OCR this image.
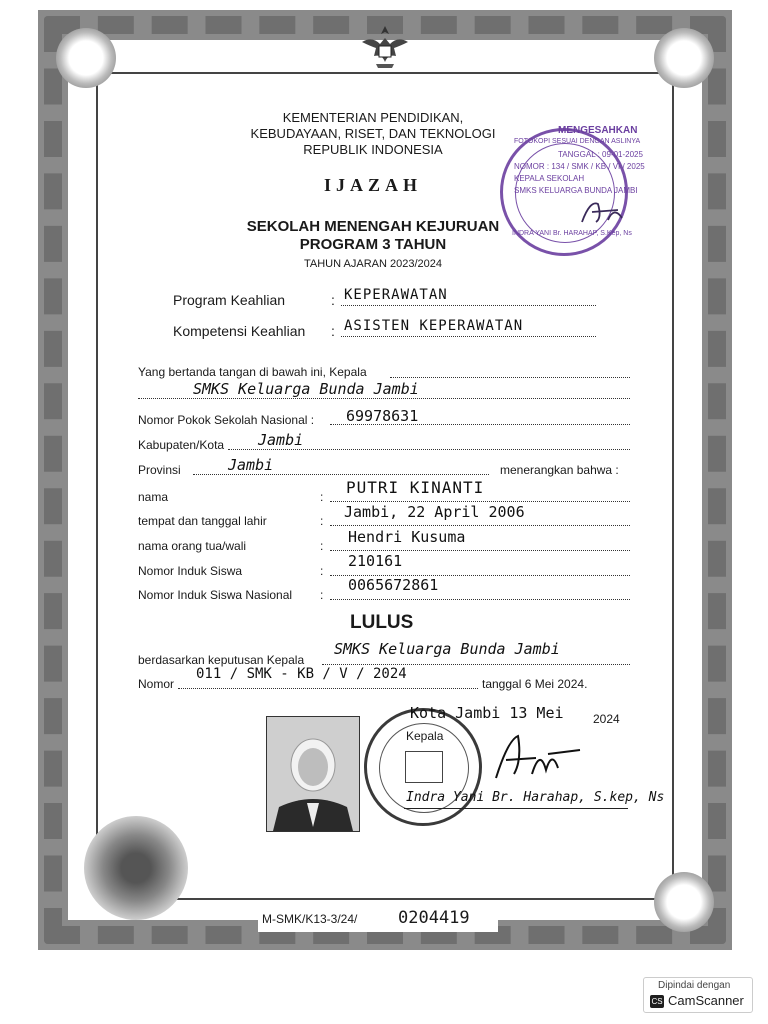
KEMENTERIAN PENDIDIKAN,
KEBUDAYAAN, RISET, DAN TEKNOLOGI
REPUBLIK INDONESIA
IJAZAH
SEKOLAH MENENGAH KEJURUAN
PROGRAM 3 TAHUN
TAHUN AJARAN 2023/2024
Program Keahlian	: KEPERAWATAN
Kompetensi Keahlian : ASISTEN KEPERAWATAN
Yang bertanda tangan di bawah ini, Kepala
SMKS Keluarga Bunda Jambi
Nomor Pokok Sekolah Nasional : 69978631
Kabupaten/Kota Jambi
Provinsi	Jambi	menerangkan bahwa :
nama	: PUTRI KINANTI
tempat dan tanggal lahir	: Jambi, 22 April 2006
nama orang tua/wali	: Hendri Kusuma
Nomor Induk Siswa	:
210161
Nomor Induk Siswa Nasional :
0065672861
LULUS
berdasarkan keputusan Kepala
SMKS Keluarga Bunda Jambi
Nomor
011 / SMK - KB / V / 2024
tanggal 6 Mei 2024.
Kota Jambi 13 Mei 2024
Kepala
Indra Yani Br. Harahap, S.kep, Ns
MENGESAHKAN
FOTOKOPI SESUAI DENGAN ASLINYA
TANGGAL : 09-01-2025
NOMOR : 134 / SMK / KB / VI / 2025
KEPALA SEKOLAH
SMKS KELUARGA BUNDA JAMBI
INDRA YANI Br. HARAHAP, S.Kep, Ns
M-SMK/K13-3/24/ 0204419
Dipindai dengan
CS CamScanner
